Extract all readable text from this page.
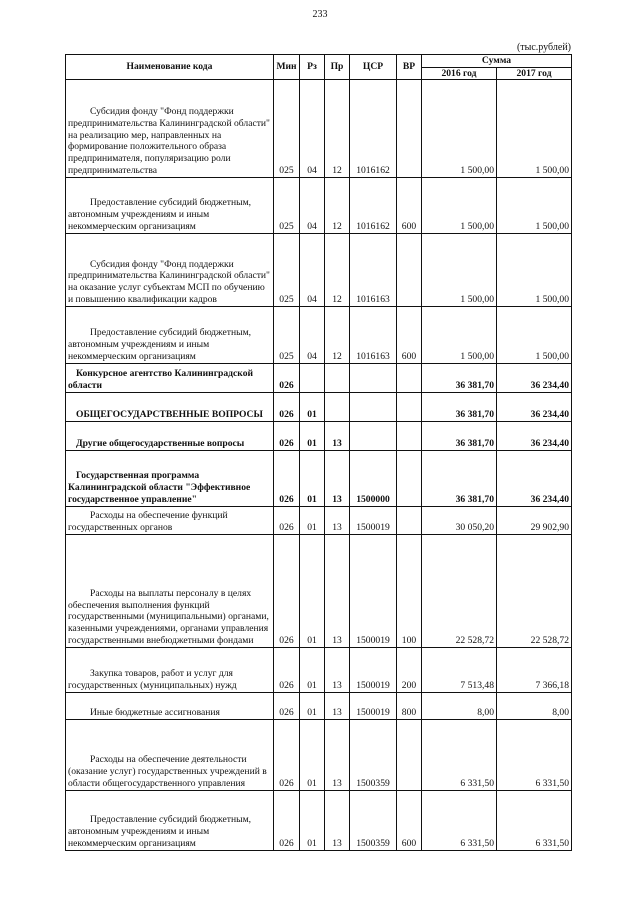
233
(тыс.рублей)
Наименование кода	Мин	Рз	Пр	ЦСР	ВР	Сумма	
						2016 год	2017 год
Субсидия фонду "Фонд поддержки предпринимательства Калининградской области" на реализацию мер, направленных на формирование положительного образа предпринимателя, популяризацию роли предпринимательства	025	04	12	1016162		1 500,00	1 500,00
Предоставление субсидий бюджетным, автономным учреждениям и иным некоммерческим организациям	025	04	12	1016162	600	1 500,00	1 500,00
Субсидия фонду "Фонд поддержки предпринимательства Калининградской области" на оказание услуг субъектам МСП по обучению и повышению квалификации кадров	025	04	12	1016163		1 500,00	1 500,00
Предоставление субсидий бюджетным, автономным учреждениям и иным некоммерческим организациям	025	04	12	1016163	600	1 500,00	1 500,00
Конкурсное агентство Калининградской области	026					36 381,70	36 234,40
ОБЩЕГОСУДАРСТВЕННЫЕ ВОПРОСЫ	026	01				36 381,70	36 234,40
Другие общегосударственные вопросы	026	01	13			36 381,70	36 234,40
Государственная программа Калининградской области "Эффективное государственное управление"	026	01	13	1500000		36 381,70	36 234,40
Расходы на обеспечение функций государственных органов	026	01	13	1500019		30 050,20	29 902,90
Расходы на выплаты персоналу в целях обеспечения выполнения функций государственными (муниципальными) органами, казенными учреждениями, органами управления государственными внебюджетными фондами	026	01	13	1500019	100	22 528,72	22 528,72
Закупка товаров, работ и услуг для государственных (муниципальных) нужд	026	01	13	1500019	200	7 513,48	7 366,18
Иные бюджетные ассигнования	026	01	13	1500019	800	8,00	8,00
Расходы на обеспечение деятельности (оказание услуг) государственных учреждений в области общегосударственного управления	026	01	13	1500359		6 331,50	6 331,50
Предоставление субсидий бюджетным, автономным учреждениям и иным некоммерческим организациям	026	01	13	1500359	600	6 331,50	6 331,50
